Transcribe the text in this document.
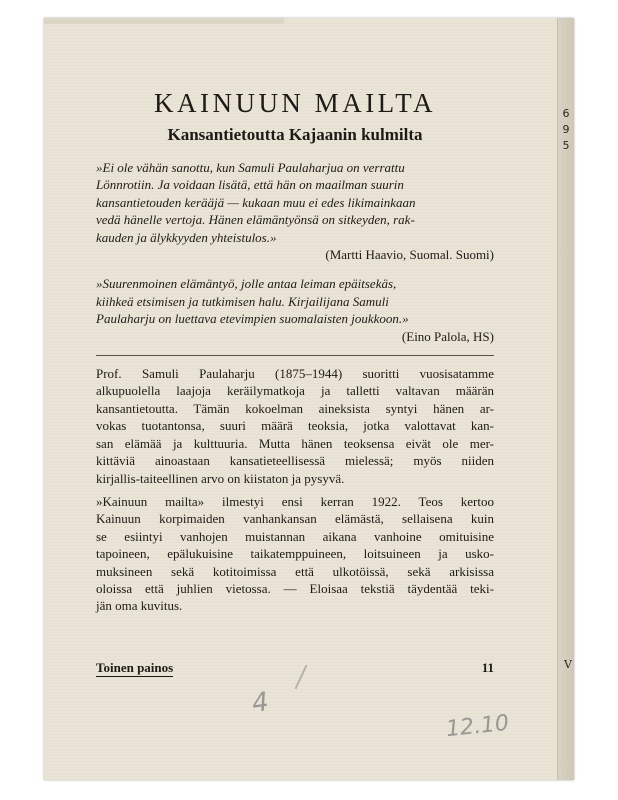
6
9
5
V
KAINUUN MAILTA
Kansantietoutta Kajaanin kulmilta
»Ei ole vähän sanottu, kun Samuli Paulaharjua on verrattu
Lönnrotiin. Ja voidaan lisätä, että hän on maailman suurin
kansantietouden kerääjä — kukaan muu ei edes likimainkaan
vedä hänelle vertoja. Hänen elämäntyönsä on sitkeyden, rak-
kauden ja älykkyyden yhteistulos.»
(Martti Haavio, Suomal. Suomi)
»Suurenmoinen elämäntyö, jolle antaa leiman epäitsekäs,
kiihkeä etsimisen ja tutkimisen halu. Kirjailijana Samuli
Paulaharju on luettava etevimpien suomalaisten joukkoon.»
(Eino Palola, HS)

Prof. Samuli Paulaharju (1875–1944) suoritti vuosisatamme
alkupuolella laajoja keräilymatkoja ja talletti valtavan määrän
kansantietoutta. Tämän kokoelman aineksista syntyi hänen ar-
vokas tuotantonsa, suuri määrä teoksia, jotka valottavat kan-
san elämää ja kulttuuria. Mutta hänen teoksensa eivät ole mer-
kittäviä ainoastaan kansatieteellisessä mielessä; myös niiden
kirjallis-taiteellinen arvo on kiistaton ja pysyvä.

»Kainuun mailta» ilmestyi ensi kerran 1922. Teos kertoo
Kainuun korpimaiden vanhankansan elämästä, sellaisena kuin
se esiintyi vanhojen muistannan aikana vanhoine omituisine
tapoineen, epälukuisine taikatemppuineen, loitsuineen ja usko-
muksineen sekä kotitoimissa että ulkotöissä, sekä arkisissa
oloissa että juhlien vietossa. — Eloisaa tekstiä täydentää teki-
jän oma kuvitus.

Toinen painos	11
4
12.10
